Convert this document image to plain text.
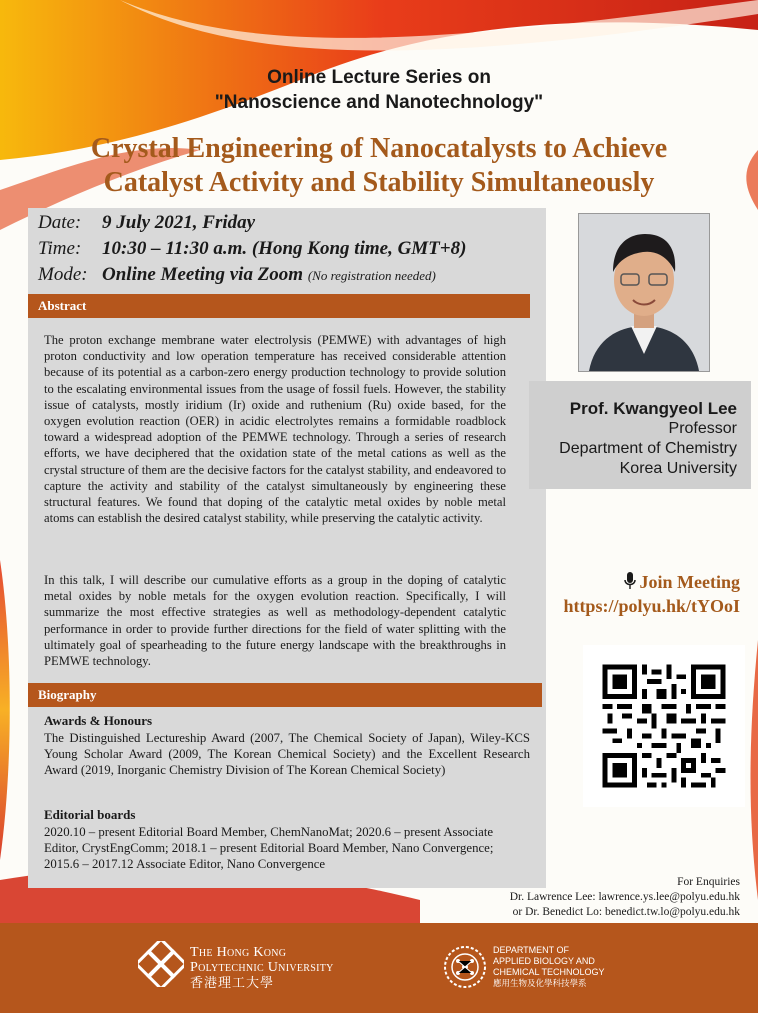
Online Lecture Series on
"Nanoscience and Nanotechnology"
Crystal Engineering of Nanocatalysts to Achieve
Catalyst Activity and Stability Simultaneously
Date: 9 July 2021, Friday
Time: 10:30 – 11:30 a.m. (Hong Kong time, GMT+8)
Mode: Online Meeting via Zoom (No registration needed)
Abstract
The proton exchange membrane water electrolysis (PEMWE) with advantages of high proton conductivity and low operation temperature has received considerable attention because of its potential as a carbon-zero energy production technology to provide solution to the escalating environmental issues from the usage of fossil fuels. However, the stability issue of catalysts, mostly iridium (Ir) oxide and ruthenium (Ru) oxide based, for the oxygen evolution reaction (OER) in acidic electrolytes remains a formidable roadblock toward a widespread adoption of the PEMWE technology. Through a series of research efforts, we have deciphered that the oxidation state of the metal cations as well as the crystal structure of them are the decisive factors for the catalyst stability, and endeavored to capture the activity and stability of the catalyst simultaneously by engineering these structural features. We found that doping of the catalytic metal oxides by noble metal atoms can establish the desired catalyst stability, while preserving the catalytic activity.
In this talk, I will describe our cumulative efforts as a group in the doping of catalytic metal oxides by noble metals for the oxygen evolution reaction. Specifically, I will summarize the most effective strategies as well as methodology-dependent catalytic performance in order to provide further directions for the field of water splitting with the ultimately goal of spearheading to the future energy landscape with the breakthroughs in PEMWE technology.
Biography
Awards & Honours
The Distinguished Lectureship Award (2007, The Chemical Society of Japan), Wiley-KCS Young Scholar Award (2009, The Korean Chemical Society) and the Excellent Research Award (2019, Inorganic Chemistry Division of The Korean Chemical Society)
Editorial boards
2020.10 – present Editorial Board Member, ChemNanoMat; 2020.6 – present Associate Editor, CrystEngComm; 2018.1 – present Editorial Board Member, Nano Convergence; 2015.6 – 2017.12 Associate Editor, Nano Convergence
Prof. Kwangyeol Lee
Professor
Department of Chemistry
Korea University
Join Meeting
https://polyu.hk/tYOoI
For Enquiries
Dr. Lawrence Lee: lawrence.ys.lee@polyu.edu.hk
or Dr. Benedict Lo: benedict.tw.lo@polyu.edu.hk
The Hong Kong
Polytechnic University
香港理工大學
DEPARTMENT OF
APPLIED BIOLOGY AND
CHEMICAL TECHNOLOGY
應用生物及化學科技學系
